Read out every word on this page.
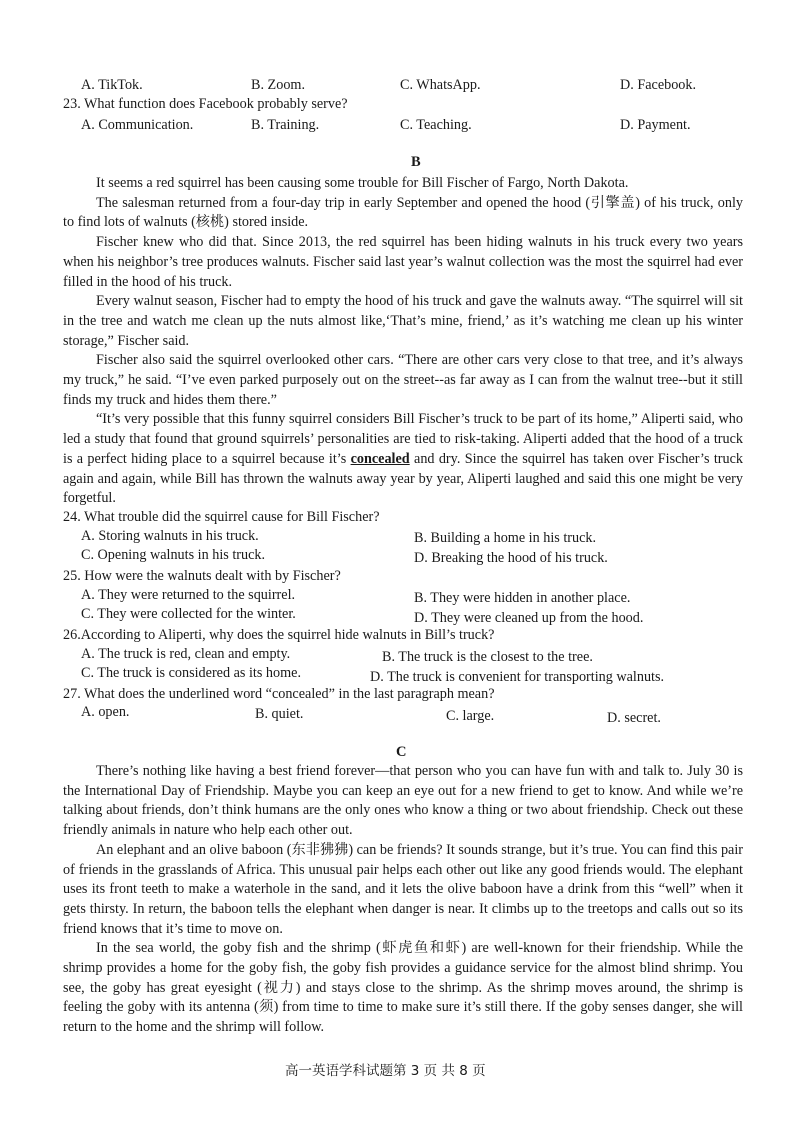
A. TikTok.	B. Zoom.	C. WhatsApp.	D. Facebook.
23. What function does Facebook probably serve?
A. Communication.	B. Training.	C. Teaching.	D. Payment.
B
It seems a red squirrel has been causing some trouble for Bill Fischer of Fargo, North Dakota.
The salesman returned from a four-day trip in early September and opened the hood (引擎盖) of his truck, only to find lots of walnuts (核桃) stored inside.
Fischer knew who did that. Since 2013, the red squirrel has been hiding walnuts in his truck every two years when his neighbor’s tree produces walnuts. Fischer said last year’s walnut collection was the most the squirrel had ever filled in the hood of his truck.
Every walnut season, Fischer had to empty the hood of his truck and gave the walnuts away. “The squirrel will sit in the tree and watch me clean up the nuts almost like,‘That’s mine, friend,’ as it’s watching me clean up his winter storage,” Fischer said.
Fischer also said the squirrel overlooked other cars. “There are other cars very close to that tree, and it’s always my truck,” he said. “I’ve even parked purposely out on the street--as far away as I can from the walnut tree--but it still finds my truck and hides them there.”
“It’s very possible that this funny squirrel considers Bill Fischer’s truck to be part of its home,” Aliperti said, who led a study that found that ground squirrels’ personalities are tied to risk-taking. Aliperti added that the hood of a truck is a perfect hiding place to a squirrel because it’s concealed and dry. Since the squirrel has taken over Fischer’s truck again and again, while Bill has thrown the walnuts away year by year, Aliperti laughed and said this one might be very forgetful.
24. What trouble did the squirrel cause for Bill Fischer?
A. Storing walnuts in his truck.	B. Building a home in his truck.
C. Opening walnuts in his truck.	D. Breaking the hood of his truck.
25. How were the walnuts dealt with by Fischer?
A. They were returned to the squirrel.	B. They were hidden in another place.
C. They were collected for the winter.	D. They were cleaned up from the hood.
26.According to Aliperti, why does the squirrel hide walnuts in Bill’s truck?
A. The truck is red, clean and empty.	B. The truck is the closest to the tree.
C. The truck is considered as its home.	D. The truck is convenient for transporting walnuts.
27. What does the underlined word “concealed” in the last paragraph mean?
A. open.	B. quiet.	C. large.	D. secret.
C
There’s nothing like having a best friend forever—that person who you can have fun with and talk to. July 30 is the International Day of Friendship. Maybe you can keep an eye out for a new friend to get to know. And while we’re talking about friends, don’t think humans are the only ones who know a thing or two about friendship. Check out these friendly animals in nature who help each other out.
An elephant and an olive baboon (东非狒狒) can be friends? It sounds strange, but it’s true. You can find this pair of friends in the grasslands of Africa. This unusual pair helps each other out like any good friends would. The elephant uses its front teeth to make a waterhole in the sand, and it lets the olive baboon have a drink from this “well” when it gets thirsty. In return, the baboon tells the elephant when danger is near. It climbs up to the treetops and calls out so its friend knows that it’s time to move on.
In the sea world, the goby fish and the shrimp (虾虎鱼和虾) are well-known for their friendship. While the shrimp provides a home for the goby fish, the goby fish provides a guidance service for the almost blind shrimp. You see, the goby has great eyesight (视力) and stays close to the shrimp. As the shrimp moves around, the shrimp is feeling the goby with its antenna (须) from time to time to make sure it’s still there. If the goby senses danger, she will return to the home and the shrimp will follow.
高一英语学科试题第 3 页 共 8 页
